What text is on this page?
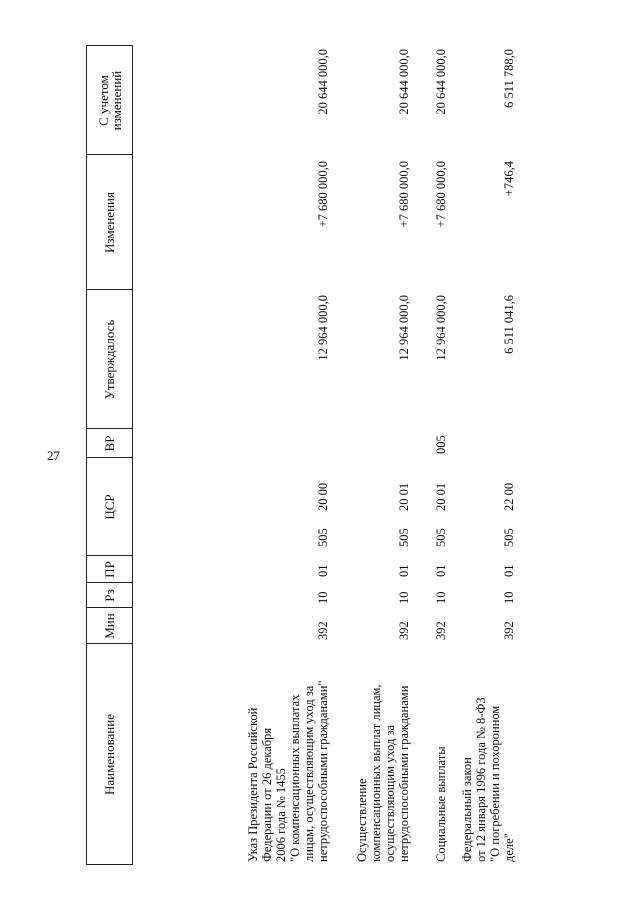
27
Наименование
Мин
Рз
ПР
ЦСР
ВР
Утверждалось
Изменения
С учетом
изменений
Указ Президента Российской Федерации от 26 декабря 2006 года № 1455 "О компенсационных выплатах лицам, осуществляющим уход за нетрудоспособными гражданами"
392
10
01
505
20 00
12 964 000,0
+7 680 000,0
20 644 000,0
Осуществление компенсационных выплат лицам, осуществляющим уход за нетрудоспособными гражданами
392
10
01
505
20 01
12 964 000,0
+7 680 000,0
20 644 000,0
Социальные выплаты
392
10
01
505
20 01
005
12 964 000,0
+7 680 000,0
20 644 000,0
Федеральный закон от 12 января 1996 года № 8-ФЗ "О погребении и похоронном деле"
392
10
01
505
22 00
6 511 041,6
+746,4
6 511 788,0
